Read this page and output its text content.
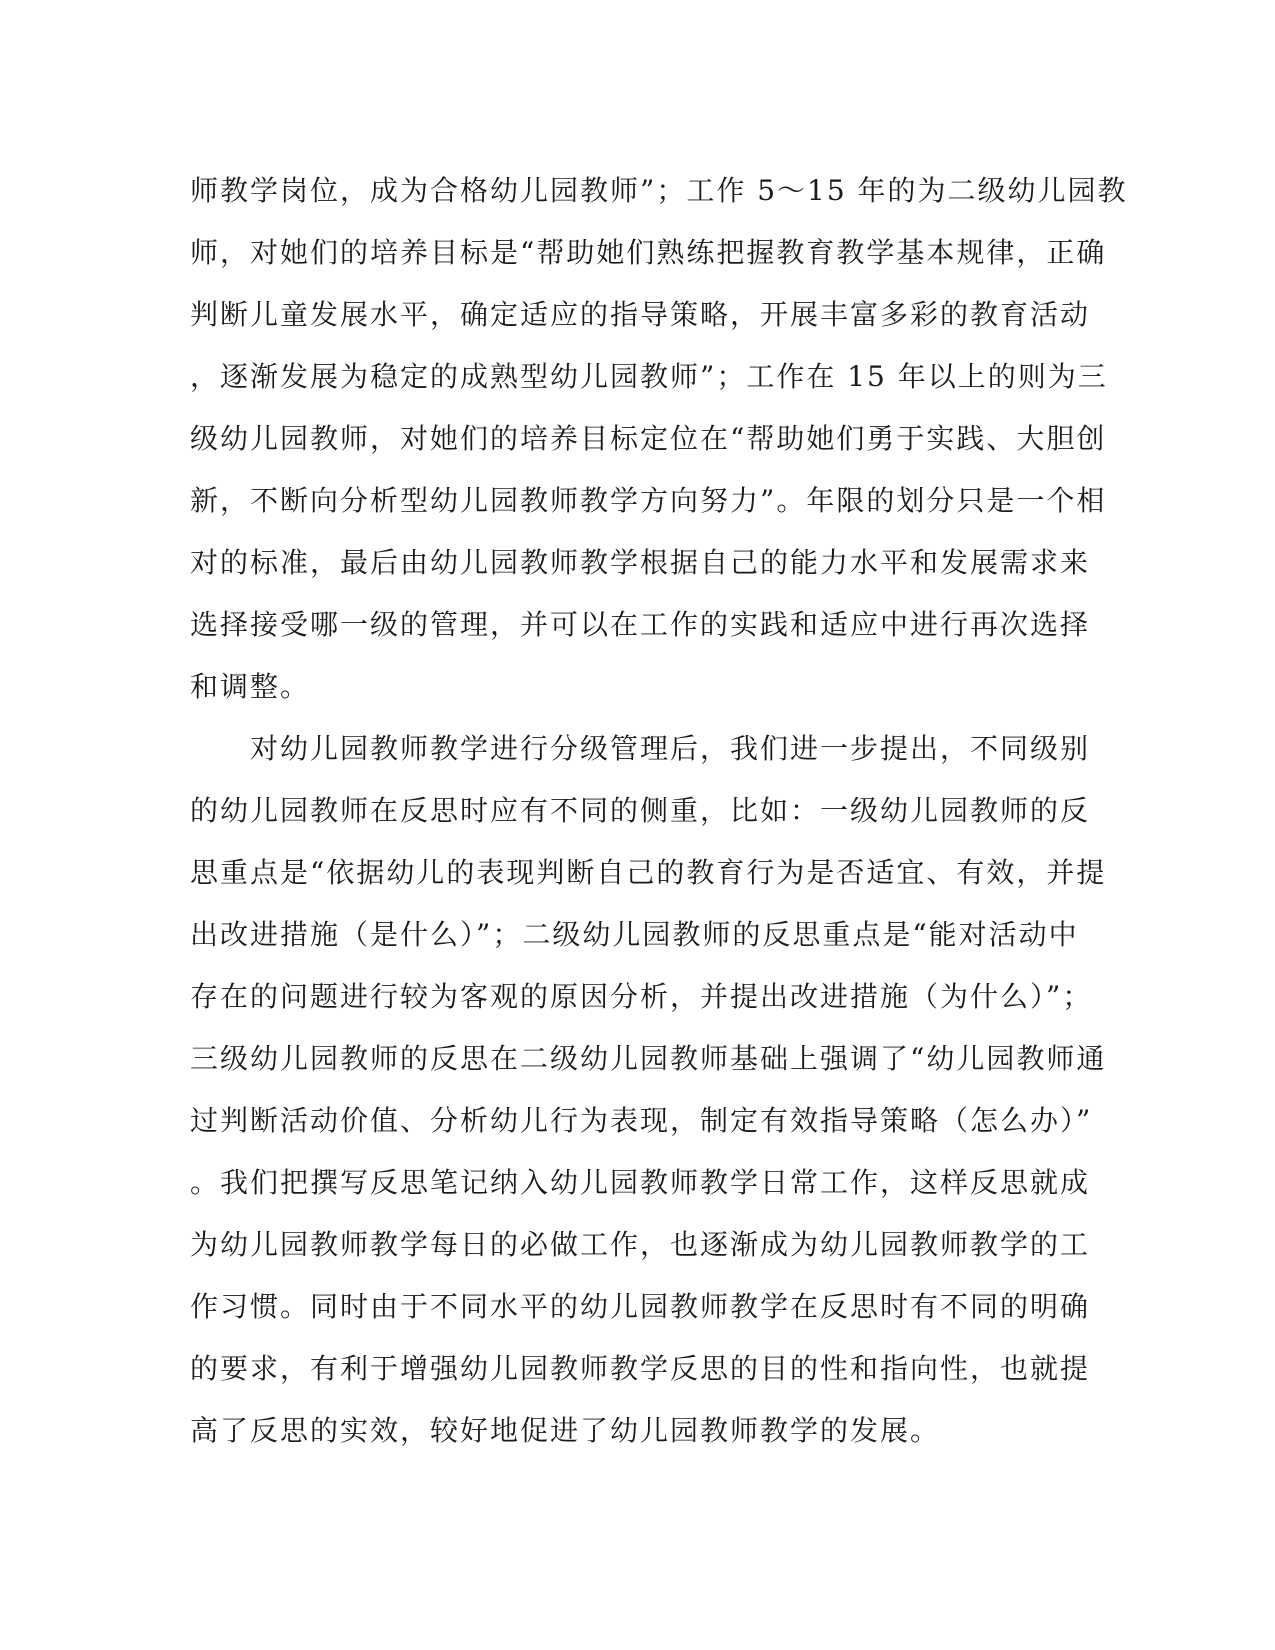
师教学岗位，成为合格幼儿园教师”；工作 5～15 年的为二级幼儿园教
师，对她们的培养目标是“帮助她们熟练把握教育教学基本规律，正确
判断儿童发展水平，确定适应的指导策略，开展丰富多彩的教育活动
，逐渐发展为稳定的成熟型幼儿园教师”；工作在 15 年以上的则为三
级幼儿园教师，对她们的培养目标定位在“帮助她们勇于实践、大胆创
新，不断向分析型幼儿园教师教学方向努力”。年限的划分只是一个相
对的标准，最后由幼儿园教师教学根据自己的能力水平和发展需求来
选择接受哪一级的管理，并可以在工作的实践和适应中进行再次选择
和调整。
　　对幼儿园教师教学进行分级管理后，我们进一步提出，不同级别
的幼儿园教师在反思时应有不同的侧重，比如：一级幼儿园教师的反
思重点是“依据幼儿的表现判断自己的教育行为是否适宜、有效，并提
出改进措施（是什么）”；二级幼儿园教师的反思重点是“能对活动中
存在的问题进行较为客观的原因分析，并提出改进措施（为什么）”；
三级幼儿园教师的反思在二级幼儿园教师基础上强调了“幼儿园教师通
过判断活动价值、分析幼儿行为表现，制定有效指导策略（怎么办）”
。我们把撰写反思笔记纳入幼儿园教师教学日常工作，这样反思就成
为幼儿园教师教学每日的必做工作，也逐渐成为幼儿园教师教学的工
作习惯。同时由于不同水平的幼儿园教师教学在反思时有不同的明确
的要求，有利于增强幼儿园教师教学反思的目的性和指向性，也就提
高了反思的实效，较好地促进了幼儿园教师教学的发展。
